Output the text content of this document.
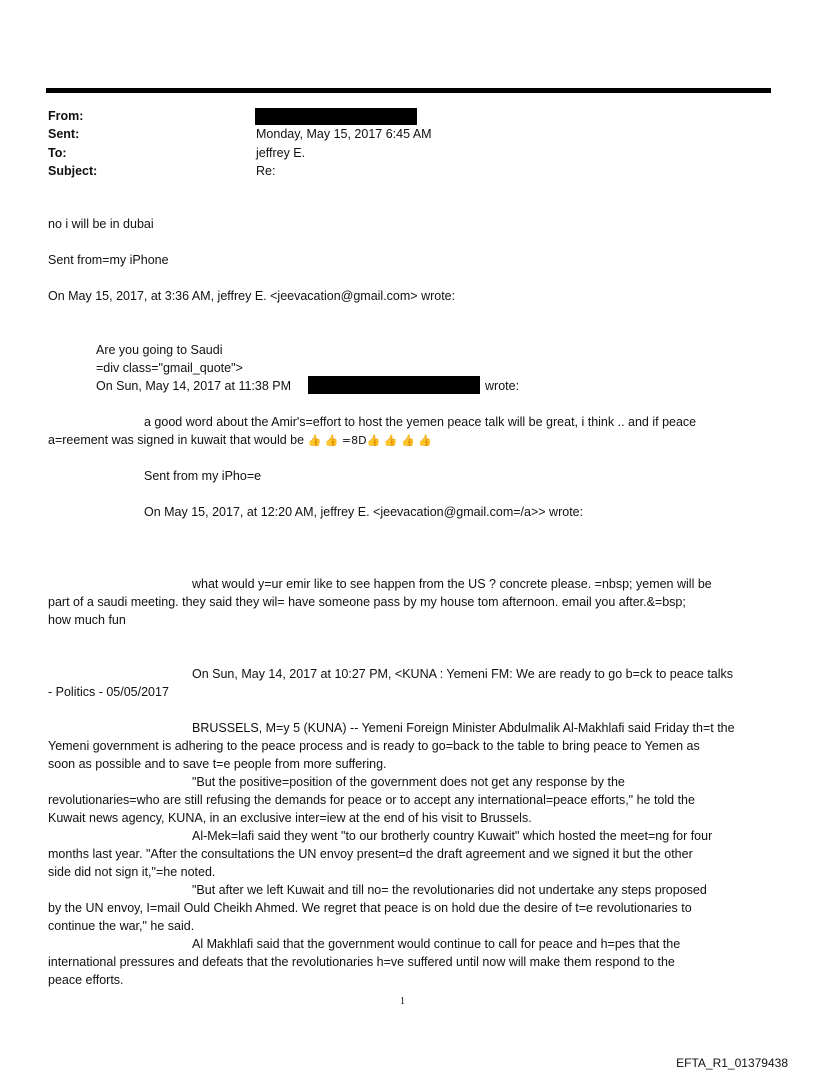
From:
Sent:	Monday, May 15, 2017 6:45 AM
To:	jeffrey E.
Subject:	Re:
no i will be in dubai
Sent from=my iPhone
On May 15, 2017, at 3:36 AM, jeffrey E. <jeevacation@gmail.com> wrote:
Are you going to Saudi
=div class="gmail_quote">
On Sun, May 14, 2017 at 11:38 PM	wrote:
a good word about the Amir's=effort to host the yemen peace talk will be great, i think .. and if peace
a=reement was signed in kuwait that would be 👍 👍 =8D👍 👍 👍 👍
Sent from my iPho=e
On May 15, 2017, at 12:20 AM, jeffrey E. <jeevacation@gmail.com=/a>> wrote:
what would y=ur emir like to see happen from the US ? concrete please. =nbsp; yemen will be
part of a saudi meeting. they said they wil= have someone pass by my house tom afternoon. email you after.&=bsp;
how much fun
On Sun, May 14, 2017 at 10:27 PM, <KUNA : Yemeni FM: We are ready to go b=ck to peace talks
- Politics - 05/05/2017
BRUSSELS, M=y 5 (KUNA) -- Yemeni Foreign Minister Abdulmalik Al-Makhlafi said Friday th=t the
Yemeni government is adhering to the peace process and is ready to go=back to the table to bring peace to Yemen as
soon as possible and to save t=e people from more suffering.
"But the positive=position of the government does not get any response by the
revolutionaries=who are still refusing the demands for peace or to accept any international=peace efforts," he told the
Kuwait news agency, KUNA, in an exclusive inter=iew at the end of his visit to Brussels.
Al-Mek=lafi said they went "to our brotherly country Kuwait" which hosted the meet=ng for four
months last year. "After the consultations the UN envoy present=d the draft agreement and we signed it but the other
side did not sign it,"=he noted.
"But after we left Kuwait and till no= the revolutionaries did not undertake any steps proposed
by the UN envoy, I=mail Ould Cheikh Ahmed. We regret that peace is on hold due the desire of t=e revolutionaries to
continue the war," he said.
Al Makhlafi said that the government would continue to call for peace and h=pes that the
international pressures and defeats that the revolutionaries h=ve suffered until now will make them respond to the
peace efforts.
1
EFTA_R1_01379438
